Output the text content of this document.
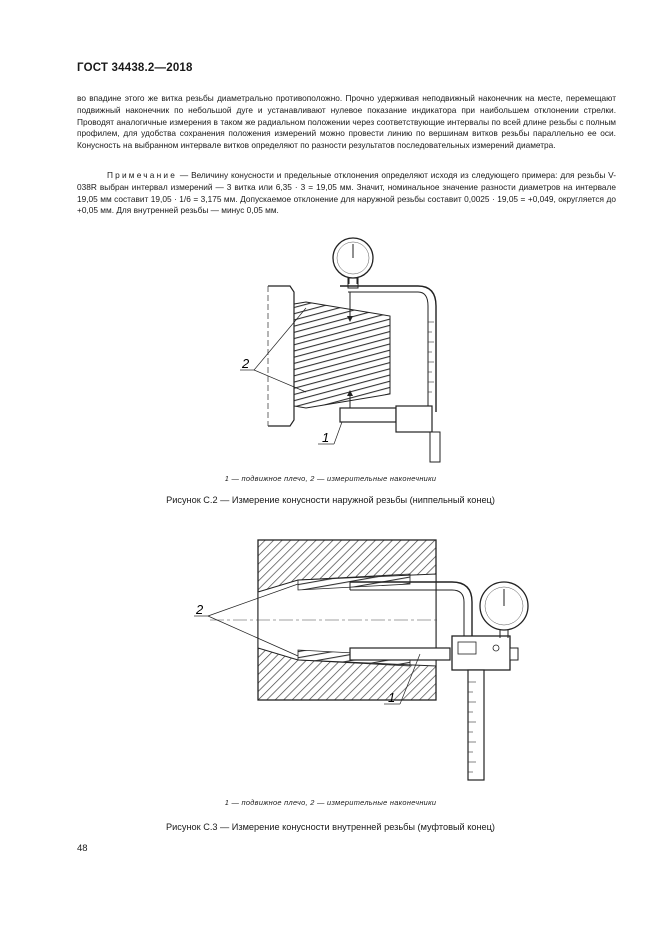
ГОСТ 34438.2—2018
во впадине этого же витка резьбы диаметрально противоположно. Прочно удерживая неподвижный наконечник на месте, перемещают подвижный наконечник по небольшой дуге и устанавливают нулевое показание индикатора при наибольшем отклонении стрелки. Проводят аналогичные измерения в таком же радиальном положении через соответствующие интервалы по всей длине резьбы с полным профилем, для удобства сохранения положения измерений можно провести линию по вершинам витков резьбы параллельно ее оси. Конусность на выбранном интервале витков определяют по разности результатов последовательных измерений диаметра.
Примечание — Величину конусности и предельные отклонения определяют исходя из следующего примера: для резьбы V-038R выбран интервал измерений — 3 витка или 6,35 · 3 = 19,05 мм. Значит, номинальное значение разности диаметров на интервале 19,05 мм составит 19,05 · 1/6 = 3,175 мм. Допускаемое отклонение для наружной резьбы составит 0,0025 · 19,05 = +0,049, округляется до +0,05 мм. Для внутренней резьбы — минус 0,05 мм.
2
1
1 — подвижное плечо, 2 — измерительные наконечники
Рисунок С.2 — Измерение конусности наружной резьбы (ниппельный конец)
2
1
1 — подвижное плечо, 2 — измерительные наконечники
Рисунок С.3 — Измерение конусности внутренней резьбы (муфтовый конец)
48
